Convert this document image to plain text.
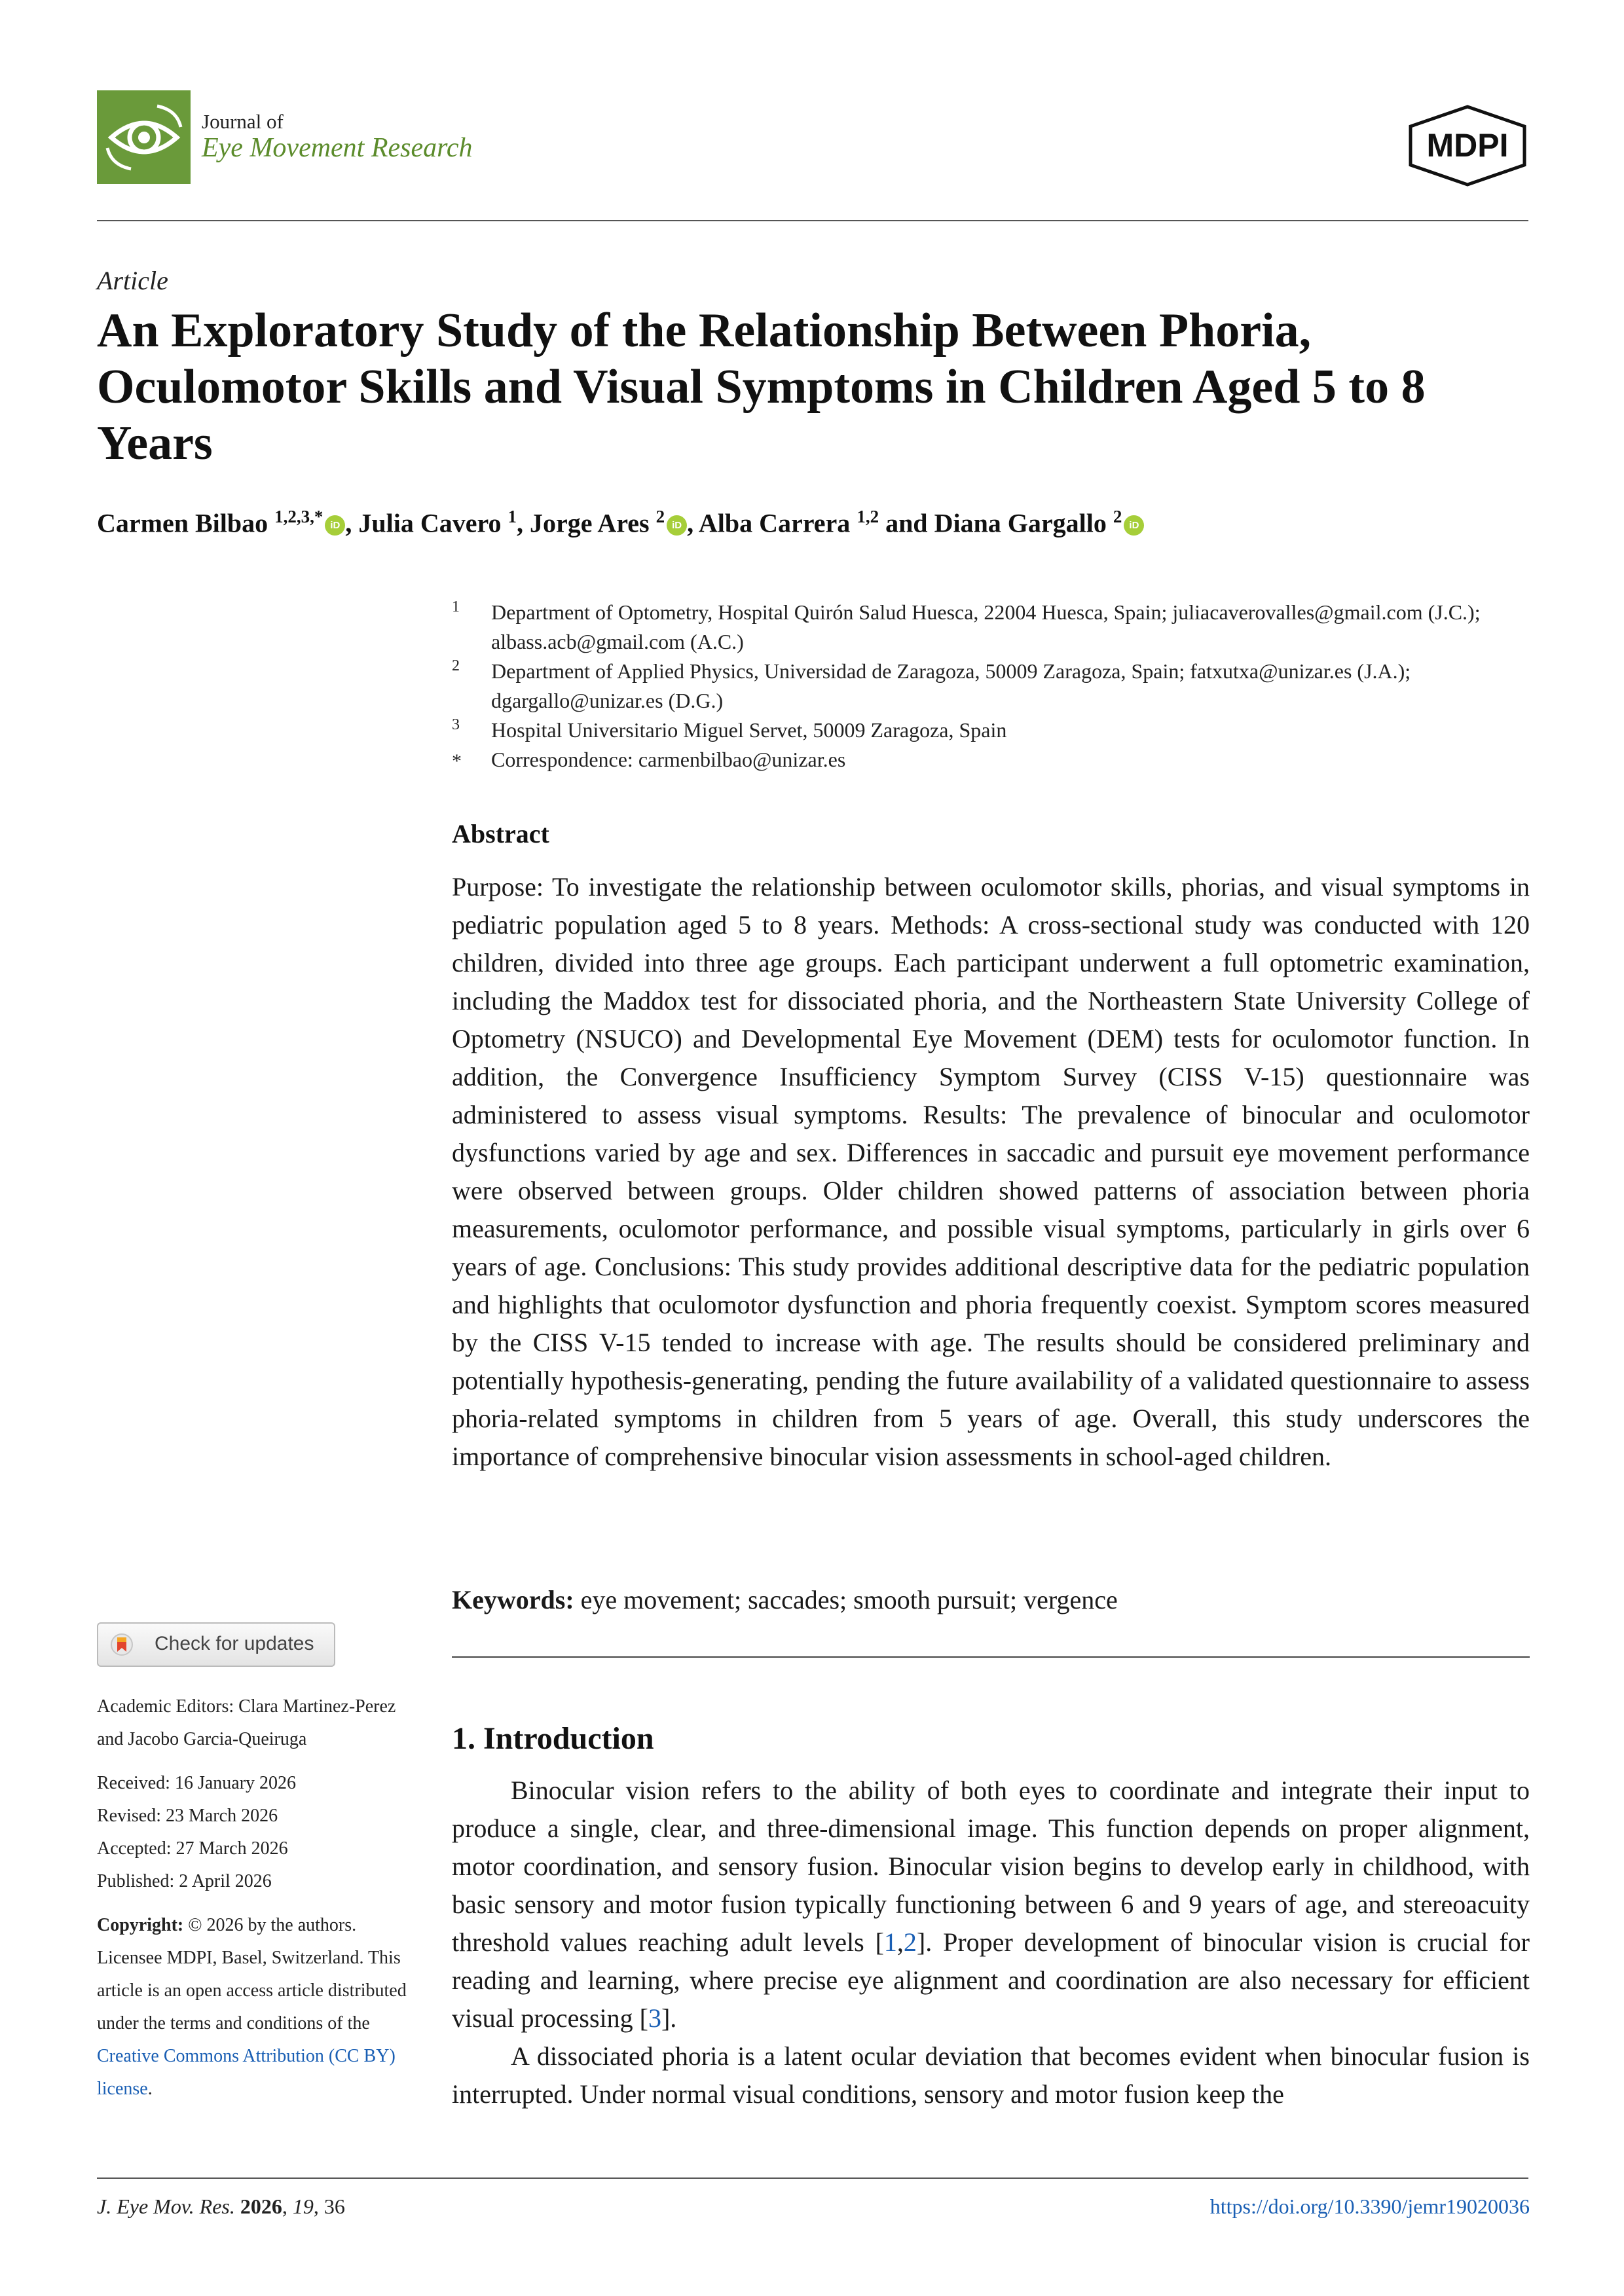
Journal of
Eye Movement Research	MDPI
Article
An Exploratory Study of the Relationship Between Phoria, Oculomotor Skills and Visual Symptoms in Children Aged 5 to 8 Years
Carmen Bilbao $^{1,2,3,*}$ iD , Julia Cavero $^1$, Jorge Ares $^2$ iD , Alba Carrera $^{1,2}$ and Diana Gargallo $^2$ iD
1 Department of Optometry, Hospital Quirón Salud Huesca, 22004 Huesca, Spain; juliacaverovalles@gmail.com (J.C.); albass.acb@gmail.com (A.C.)
2 Department of Applied Physics, Universidad de Zaragoza, 50009 Zaragoza, Spain; fatxutxa@unizar.es (J.A.); dgargallo@unizar.es (D.G.)
3 Hospital Universitario Miguel Servet, 50009 Zaragoza, Spain
* Correspondence: carmenbilbao@unizar.es
Abstract
Purpose: To investigate the relationship between oculomotor skills, phorias, and visual symptoms in pediatric population aged 5 to 8 years. Methods: A cross-sectional study was conducted with 120 children, divided into three age groups. Each participant underwent a full optometric examination, including the Maddox test for dissociated phoria, and the Northeastern State University College of Optometry (NSUCO) and Developmental Eye Movement (DEM) tests for oculomotor function. In addition, the Convergence Insufficiency Symptom Survey (CISS V-15) questionnaire was administered to assess visual symptoms. Results: The prevalence of binocular and oculomotor dysfunctions varied by age and sex. Differences in saccadic and pursuit eye movement performance were observed between groups. Older children showed patterns of association between phoria measurements, oculomotor performance, and possible visual symptoms, particularly in girls over 6 years of age. Conclusions: This study provides additional descriptive data for the pediatric population and highlights that oculomotor dysfunction and phoria frequently coexist. Symptom scores measured by the CISS V-15 tended to increase with age. The results should be considered preliminary and potentially hypothesis-generating, pending the future availability of a validated questionnaire to assess phoria-related symptoms in children from 5 years of age. Overall, this study underscores the importance of comprehensive binocular vision assessments in school-aged children.
Keywords: eye movement; saccades; smooth pursuit; vergence
1. Introduction

Binocular vision refers to the ability of both eyes to coordinate and integrate their input to produce a single, clear, and three-dimensional image. This function depends on proper alignment, motor coordination, and sensory fusion. Binocular vision begins to develop early in childhood, with basic sensory and motor fusion typically functioning between 6 and 9 years of age, and stereoacuity threshold values reaching adult levels [1,2]. Proper development of binocular vision is crucial for reading and learning, where precise eye alignment and coordination are also necessary for efficient visual processing [3].

A dissociated phoria is a latent ocular deviation that becomes evident when binocular fusion is interrupted. Under normal visual conditions, sensory and motor fusion keep the

Check for updates
Academic Editors: Clara Martinez-Perez and Jacobo Garcia-Queiruga
Received: 16 January 2026
Revised: 23 March 2026
Accepted: 27 March 2026
Published: 2 April 2026
Copyright: © 2026 by the authors. Licensee MDPI, Basel, Switzerland. This article is an open access article distributed under the terms and conditions of the Creative Commons Attribution (CC BY) license.
J. Eye Mov. Res. 2026, 19, 36	https://doi.org/10.3390/jemr19020036
